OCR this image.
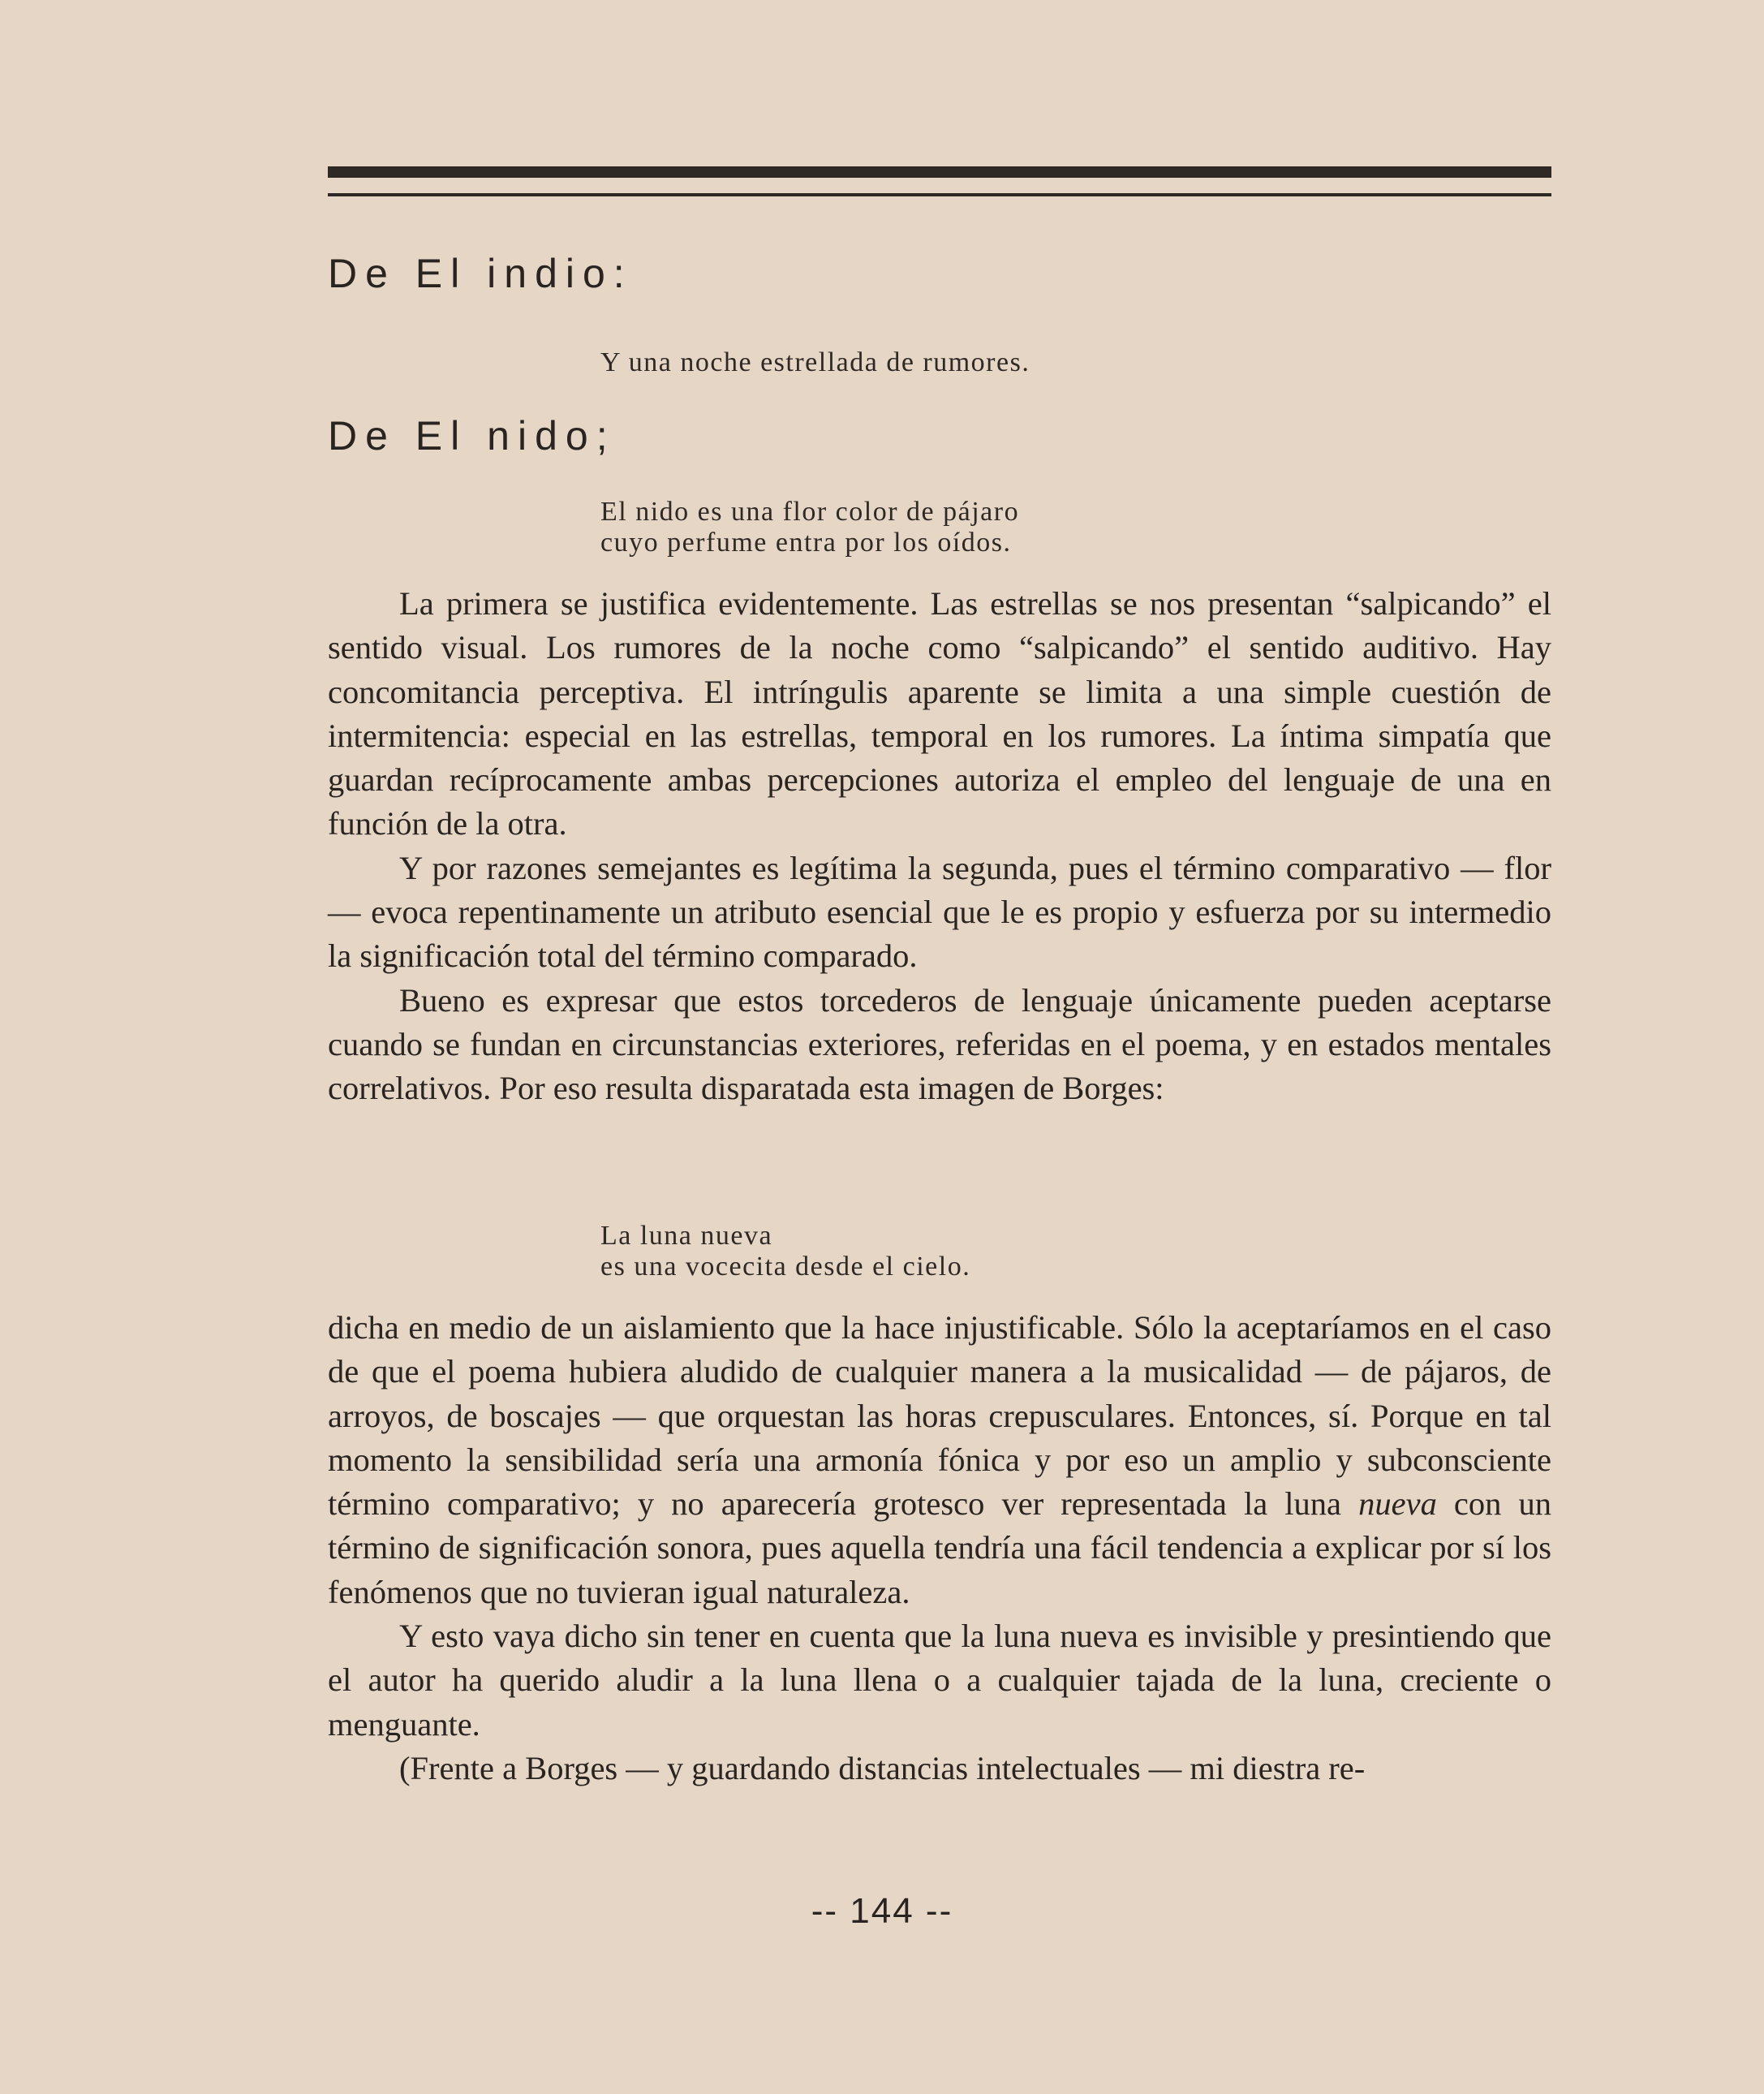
De El indio:
Y una noche estrellada de rumores.
De El nido;
El nido es una flor color de pájaro
cuyo perfume entra por los oídos.

La primera se justifica evidentemente. Las estrellas se nos presentan “salpicando” el sentido visual. Los rumores de la noche como “salpicando” el sentido auditivo. Hay concomitancia perceptiva. El intríngulis aparente se limita a una simple cuestión de intermitencia: especial en las estrellas, temporal en los rumores. La íntima simpatía que guardan recíprocamente ambas percepciones autoriza el empleo del lenguaje de una en función de la otra.

Y por razones semejantes es legítima la segunda, pues el término comparativo — flor — evoca repentinamente un atributo esencial que le es propio y esfuerza por su intermedio la significación total del término comparado.

Bueno es expresar que estos torcederos de lenguaje únicamente pueden aceptarse cuando se fundan en circunstancias exteriores, referidas en el poema, y en estados mentales correlativos. Por eso resulta disparatada esta imagen de Borges:

La luna nueva
es una vocecita desde el cielo.

dicha en medio de un aislamiento que la hace injustificable. Sólo la aceptaríamos en el caso de que el poema hubiera aludido de cualquier manera a la musicalidad — de pájaros, de arroyos, de boscajes — que orquestan las horas crepusculares. Entonces, sí. Porque en tal momento la sensibilidad sería una armonía fónica y por eso un amplio y subconsciente término comparativo; y no aparecería grotesco ver representada la luna nueva con un término de significación sonora, pues aquella tendría una fácil tendencia a explicar por sí los fenómenos que no tuvieran igual naturaleza.

Y esto vaya dicho sin tener en cuenta que la luna nueva es invisible y presintiendo que el autor ha querido aludir a la luna llena o a cualquier tajada de la luna, creciente o menguante.

(Frente a Borges — y guardando distancias intelectuales — mi diestra re-

-- 144 --
